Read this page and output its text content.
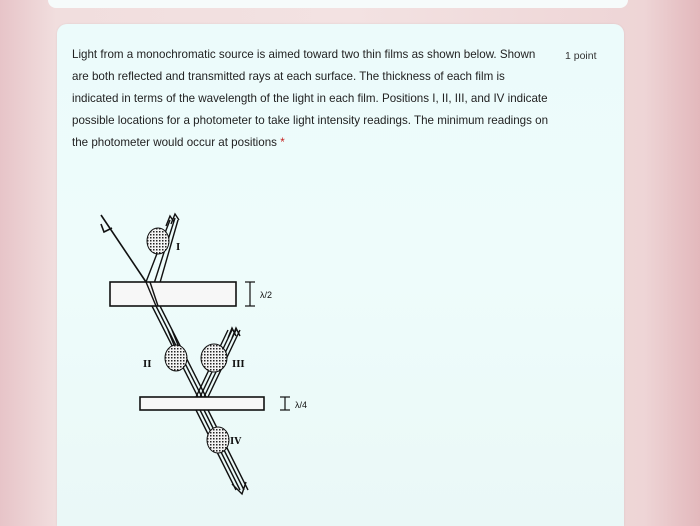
Light from a monochromatic source is aimed toward two thin films as shown below. Shown are both reflected and transmitted rays at each surface. The thickness of each film is indicated in terms of the wavelength of the light in each film. Positions I, II, III, and IV indicate possible locations for a photometer to take light intensity readings. The minimum readings on the photometer would occur at positions *

1 point
I
II	III
IV
λ/2
λ/4
